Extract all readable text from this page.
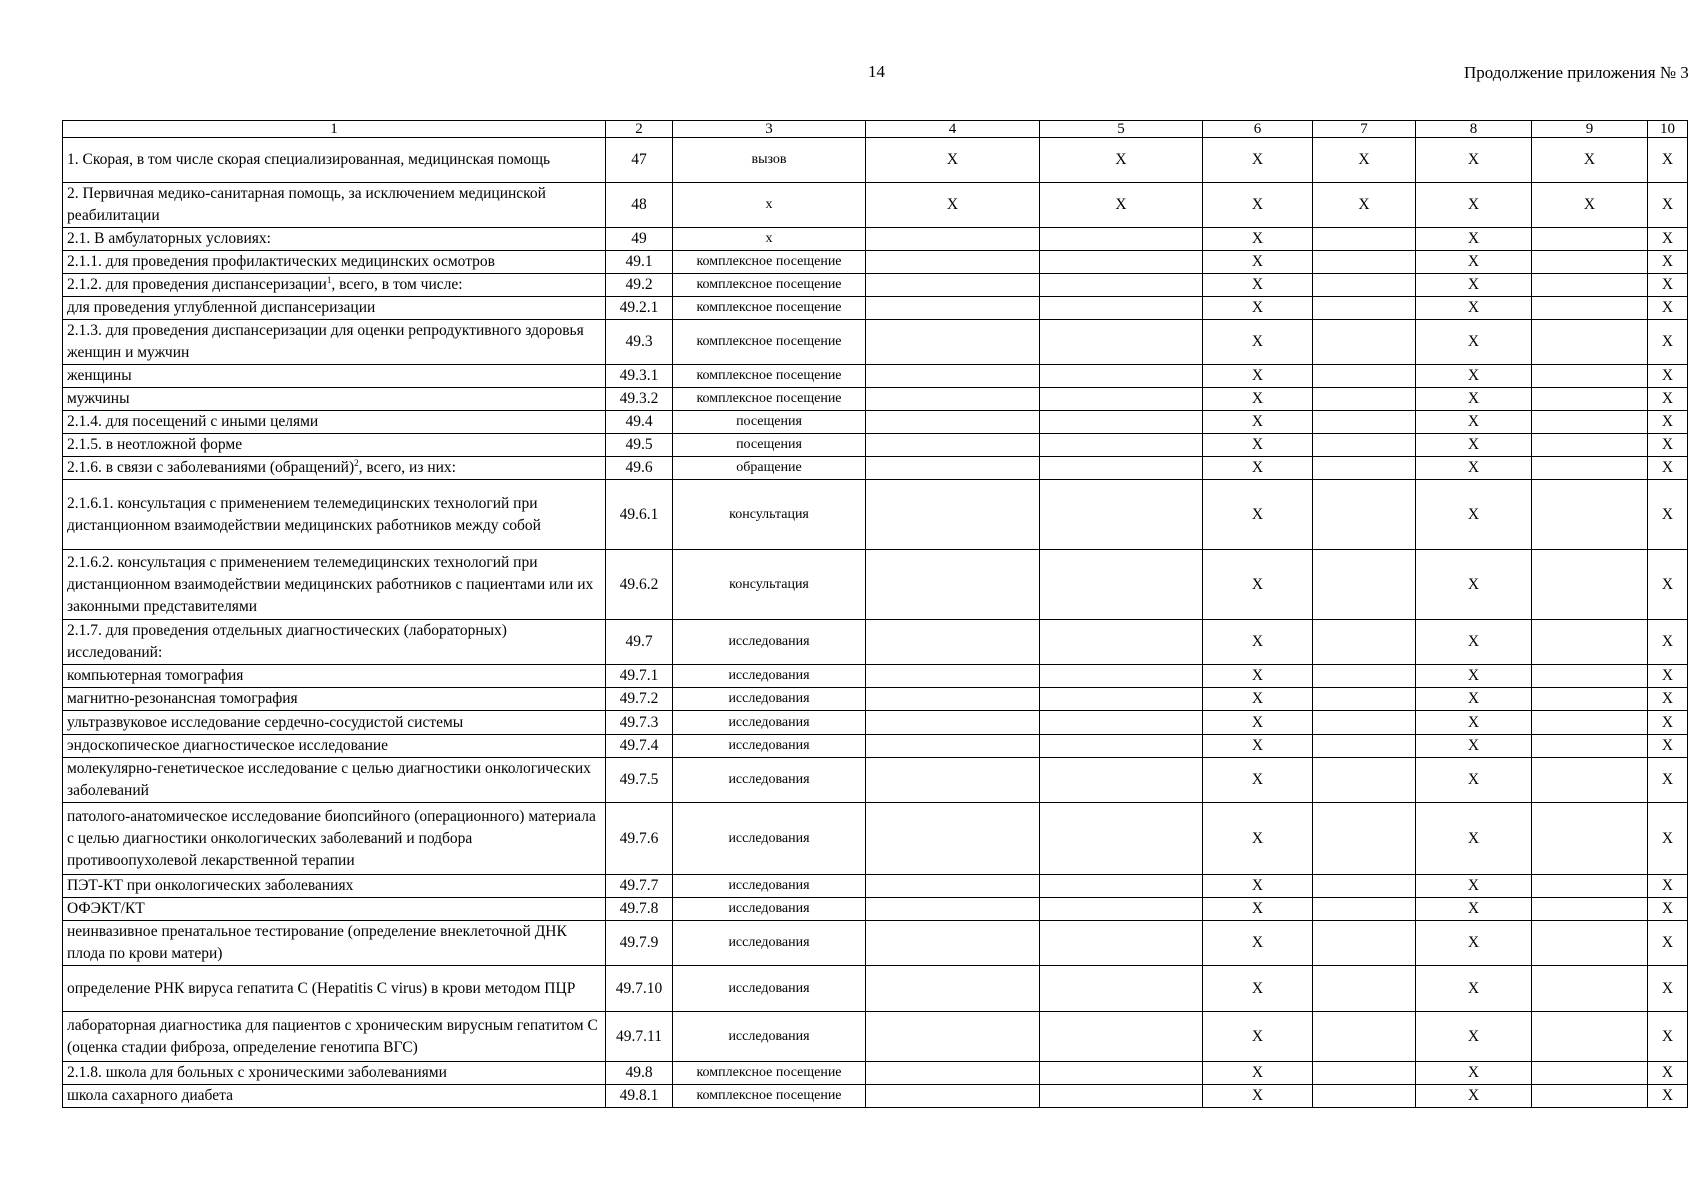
14	Продолжение приложения № 3
1	2	3	4	5	6	7	8	9	10
1. Скорая, в том числе скорая специализированная, медицинская помощь	47	вызов	X	X	X	X	X	X	X
2. Первичная медико-санитарная помощь, за исключением медицинской реабилитации	48	x	X	X	X	X	X	X	X
2.1. В амбулаторных условиях:	49	x			X		X		X
2.1.1. для проведения профилактических медицинских осмотров	49.1	комплексное посещение			X		X		X
2.1.2. для проведения диспансеризации$^1$, всего, в том числе:	49.2	комплексное посещение			X		X		X
для проведения углубленной диспансеризации	49.2.1	комплексное посещение			X		X		X
2.1.3. для проведения диспансеризации для оценки репродуктивного здоровья женщин и мужчин	49.3	комплексное посещение			X		X		X
женщины	49.3.1	комплексное посещение			X		X		X
мужчины	49.3.2	комплексное посещение			X		X		X
2.1.4. для посещений с иными целями	49.4	посещения			X		X		X
2.1.5. в неотложной форме	49.5	посещения			X		X		X
2.1.6. в связи с заболеваниями (обращений)$^2$, всего, из них:	49.6	обращение			X		X		X
2.1.6.1. консультация с применением телемедицинских технологий при дистанционном взаимодействии медицинских работников между собой	49.6.1	консультация			X		X		X
2.1.6.2. консультация с применением телемедицинских технологий при дистанционном взаимодействии медицинских работников с пациентами или их законными представителями	49.6.2	консультация			X		X		X
2.1.7. для проведения отдельных диагностических (лабораторных) исследований:	49.7	исследования			X		X		X
компьютерная томография	49.7.1	исследования			X		X		X
магнитно-резонансная томография	49.7.2	исследования			X		X		X
ультразвуковое исследование сердечно-сосудистой системы	49.7.3	исследования			X		X		X
эндоскопическое диагностическое исследование	49.7.4	исследования			X		X		X
молекулярно-генетическое исследование с целью диагностики онкологических заболеваний	49.7.5	исследования			X		X		X
патолого-анатомическое исследование биопсийного (операционного) материала с целью диагностики онкологических заболеваний и подбора противоопухолевой лекарственной терапии	49.7.6	исследования			X		X		X
ПЭТ-КТ при онкологических заболеваниях	49.7.7	исследования			X		X		X
ОФЭКТ/КТ	49.7.8	исследования			X		X		X
неинвазивное пренатальное тестирование (определение внеклеточной ДНК плода по крови матери)	49.7.9	исследования			X		X		X
определение РНК вируса гепатита С (Hepatitis C virus) в крови методом ПЦР	49.7.10	исследования			X		X		X
лабораторная диагностика для пациентов с хроническим вирусным гепатитом С (оценка стадии фиброза, определение генотипа ВГС)	49.7.11	исследования			X		X		X
2.1.8. школа для больных с хроническими заболеваниями	49.8	комплексное посещение			X		X		X
школа сахарного диабета	49.8.1	комплексное посещение			X		X		X
